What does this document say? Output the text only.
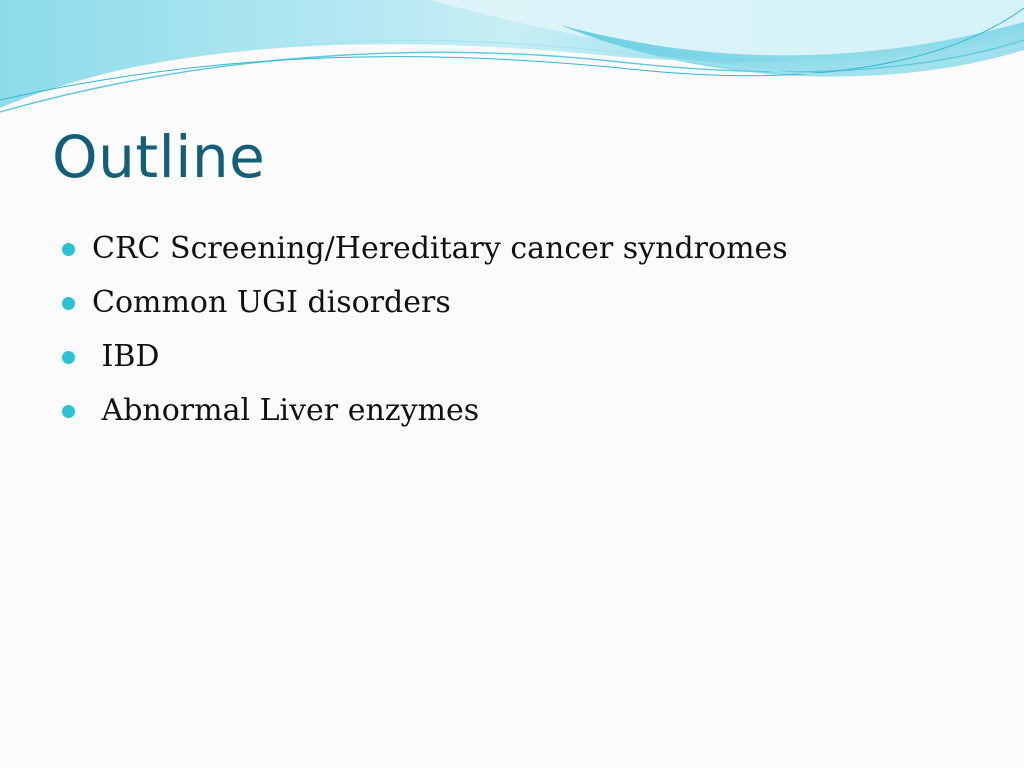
Outline
CRC Screening/Hereditary cancer syndromes
Common UGI disorders
IBD
Abnormal Liver enzymes
